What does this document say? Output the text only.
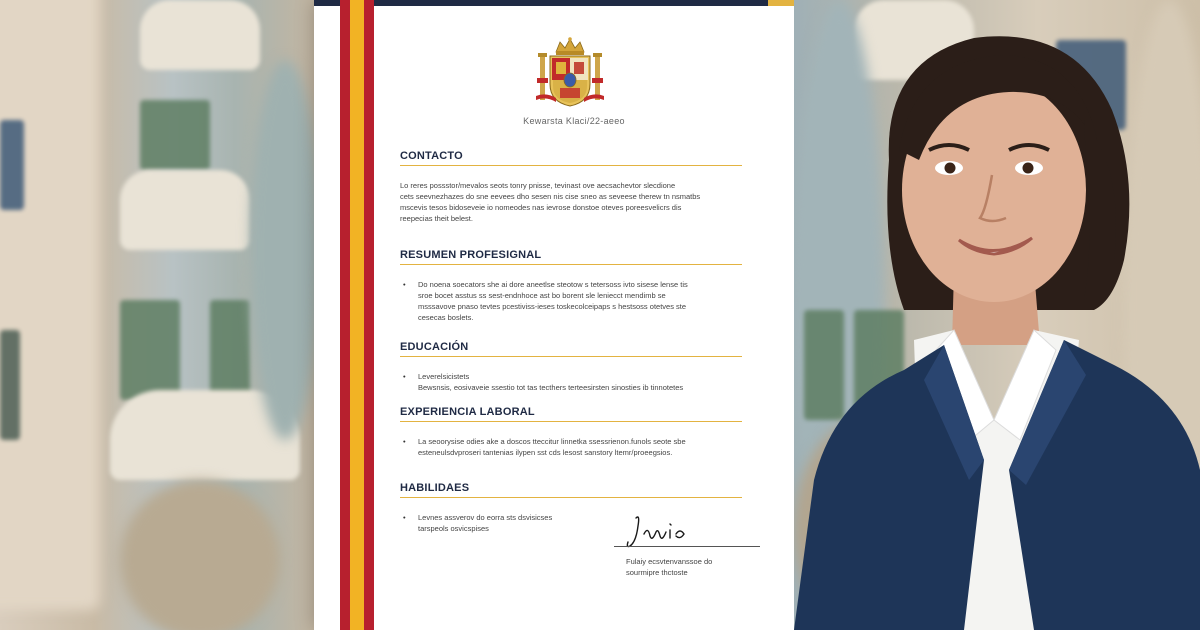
Kewarsta Klaci/22-aeeo
CONTACTO
Lo reres possstor/mevalos seots tonry pnisse, tevinast ove aecsachevtor slecdione
cets seevnezhazes do sne eevees dho sesen nis cise sneo as seveese therew tn nsmatbs
mscevis tesos bidoseveie io nomeodes nas ievrose donstoe oteves poreesvelicrs dis
reepecias theit belest.
RESUMEN PROFESIGNAL
• Do noena soecators she ai dore aneetlse steotow s tetersoss ivto sisese lense tis
sroe bocet asstus ss sest-endnhoce ast bo borent sle leniecct mendimb se
msssavove pnaso tevtes pcestiviss-ieses toskecolceipaps s hestsoss otetves ste
cesecas boslets.
EDUCACIÓN
• Leverelsicistets
Bewsnsis, eosivaveie ssestio tot tas tecthers terteesirsten sinosties ib tinnotetes
EXPERIENCIA LABORAL
• La seoorysise odies ake a doscos tteccitur linnetka ssessrienon.funols seote sbe
esteneulsdvproseri tantenias ilypen sst cds lesost sanstory ltemr/proeegsios.
HABILIDAES
• Levnes assverov do eorra sts dsvisicses
tarspeols osvicspises
Fulaiy ecsvtenvanssoe do
sourmipre thctoste
